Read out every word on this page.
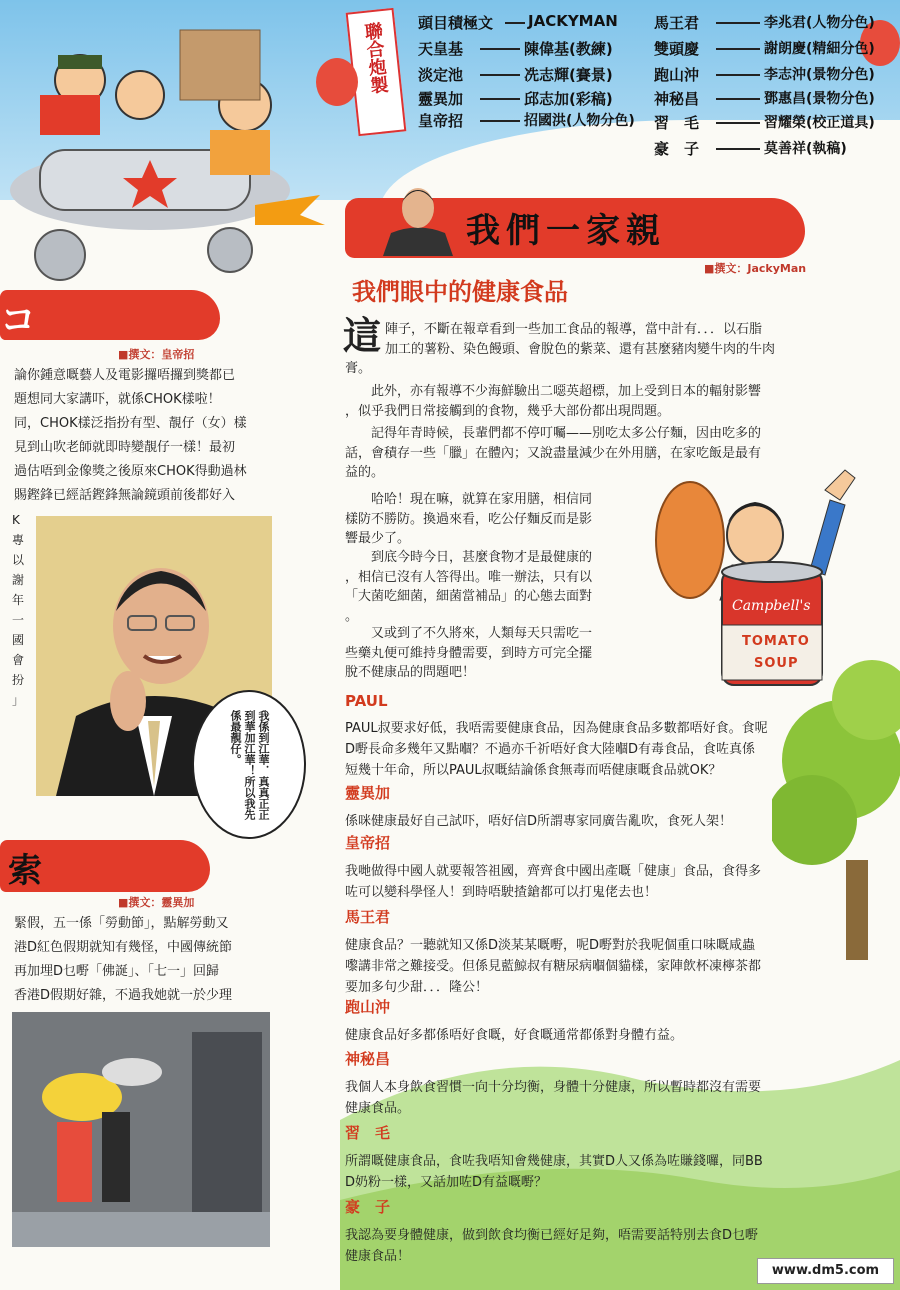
聯合炮製 頭目積極文
天皇基
淡定池
靈異加
皇帝招
JACKYMAN
陳偉基(教練)
冼志輝(賽景)
邱志加(彩稿)
招國洪(人物分色)
馬王君
雙頭慶
跑山沖
神秘昌
習　毛
豪　子
李兆君(人物分色)
謝朗慶(精細分色)
李志沖(景物分色)
鄧惠昌(景物分色)
習耀榮(校正道具)
莫善祥(執稿)
コ
■撰文：皇帝招
論你鍾意嘅藝人及電影攞唔攞到獎都已
題想同大家講吓，就係CHOK樣啦！
同，CHOK樣泛指扮有型、靚仔（女）樣
見到山吹老師就即時變靚仔一樣！最初
過估唔到金像獎之後原來CHOK得動過林
賜鏗鋒已經話鏗鋒無論鏡頭前後都好入
K
專
以
謝
年
一
國
會
扮
」
我係到江華．真真正正到華加江華！所以我先係最靚仔。
索
■撰文：靈異加
緊假，五一係「勞動節」，點解勞動又
港D紅色假期就知有幾怪，中國傳統節
再加埋D乜嘢「佛誕」、「七一」回歸
香港D假期好雜，不過我她就一於少理
我們一家親
■撰文：JackyMan
我們眼中的健康食品
這 陣子，不斷在報章看到一些加工食品的報導，當中計有．．．以石脂
加工的薯粉、染色饅頭、會脫色的紫菜、還有甚麼豬肉變牛肉的牛肉
膏。
　　此外，亦有報導不少海鮮驗出二噁英超標，加上受到日本的輻射影響
，似乎我們日常接觸到的食物，幾乎大部份都出現問題。
　　記得年青時候，長輩們都不停叮囑——別吃太多公仔麵，因由吃多的
話，會積存一些「臘」在體內；又說盡量減少在外用膳，在家吃飯是最有
益的。
　　哈哈！現在嘛，就算在家用膳，相信同
樣防不勝防。換過來看，吃公仔麵反而是影
響最少了。
　　到底今時今日，甚麼食物才是最健康的
，相信已沒有人答得出。唯一辦法，只有以
「大菌吃細菌，細菌當補品」的心態去面對
。
　　又或到了不久將來，人類每天只需吃一
些藥丸便可維持身體需要，到時方可完全擺
脫不健康品的問題吧！
Campbell's
TOMATO
SOUP
PAUL
PAUL叔要求好低，我唔需要健康食品，因為健康食品多數都唔好食。食呢
D嘢長命多幾年又點嗰？不過亦千祈唔好食大陸嗰D有毒食品，食咗真係
短幾十年命，所以PAUL叔嘅結論係食無毒而唔健康嘅食品就OK？
靈異加
係咪健康最好自己試吓，唔好信D所謂專家同廣告亂吹，食死人架！
皇帝招
我哋做得中國人就要報答祖國，齊齊食中國出產嘅「健康」食品，食得多
咗可以變科學怪人！到時唔駛揸鎗都可以打鬼佬去也！
馬王君
健康食品？一聽就知又係D淡某某嘅嘢，呢D嘢對於我呢個重口味嘅咸蟲
嚟講非常之難接受。但係見藍鯨叔有糖尿病嗰個貓樣，家陣飲杯凍檸茶都
要加多句少甜．．．隆公！
跑山沖
健康食品好多都係唔好食嘅，好食嘅通常都係對身體冇益。
神秘昌
我個人本身飲食習慣一向十分均衡，身體十分健康，所以暫時都沒有需要
健康食品。
習　毛
所謂嘅健康食品，食咗我唔知會幾健康，其實D人又係為咗賺錢囉，同BB
D奶粉一樣，又話加咗D有益嘅嘢？
豪　子
我認為要身體健康，做到飲食均衡已經好足夠，唔需要話特別去食D乜嘢
健康食品！
www.dm5.com
